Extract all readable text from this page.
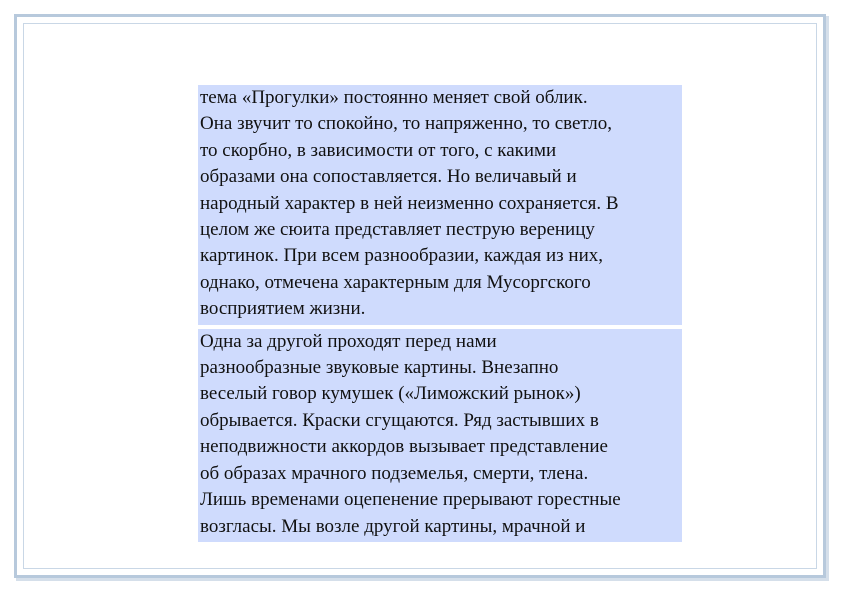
тема «Прогулки» постоянно меняет свой облик.
Она звучит то спокойно, то напряженно, то светло,
то скорбно, в зависимости от того, с какими
образами она сопоставляется. Но величавый и
народный характер в ней неизменно сохраняется. В
целом же сюита представляет пеструю вереницу
картинок. При всем разнообразии, каждая из них,
однако, отмечена характерным для Мусоргского
восприятием жизни.

Одна за другой проходят перед нами
разнообразные звуковые картины. Внезапно
веселый говор кумушек («Лиможский рынок»)
обрывается. Краски сгущаются. Ряд застывших в
неподвижности аккордов вызывает представление
об образах мрачного подземелья, смерти, тлена.
Лишь временами оцепенение прерывают горестные
возгласы. Мы возле другой картины, мрачной и
